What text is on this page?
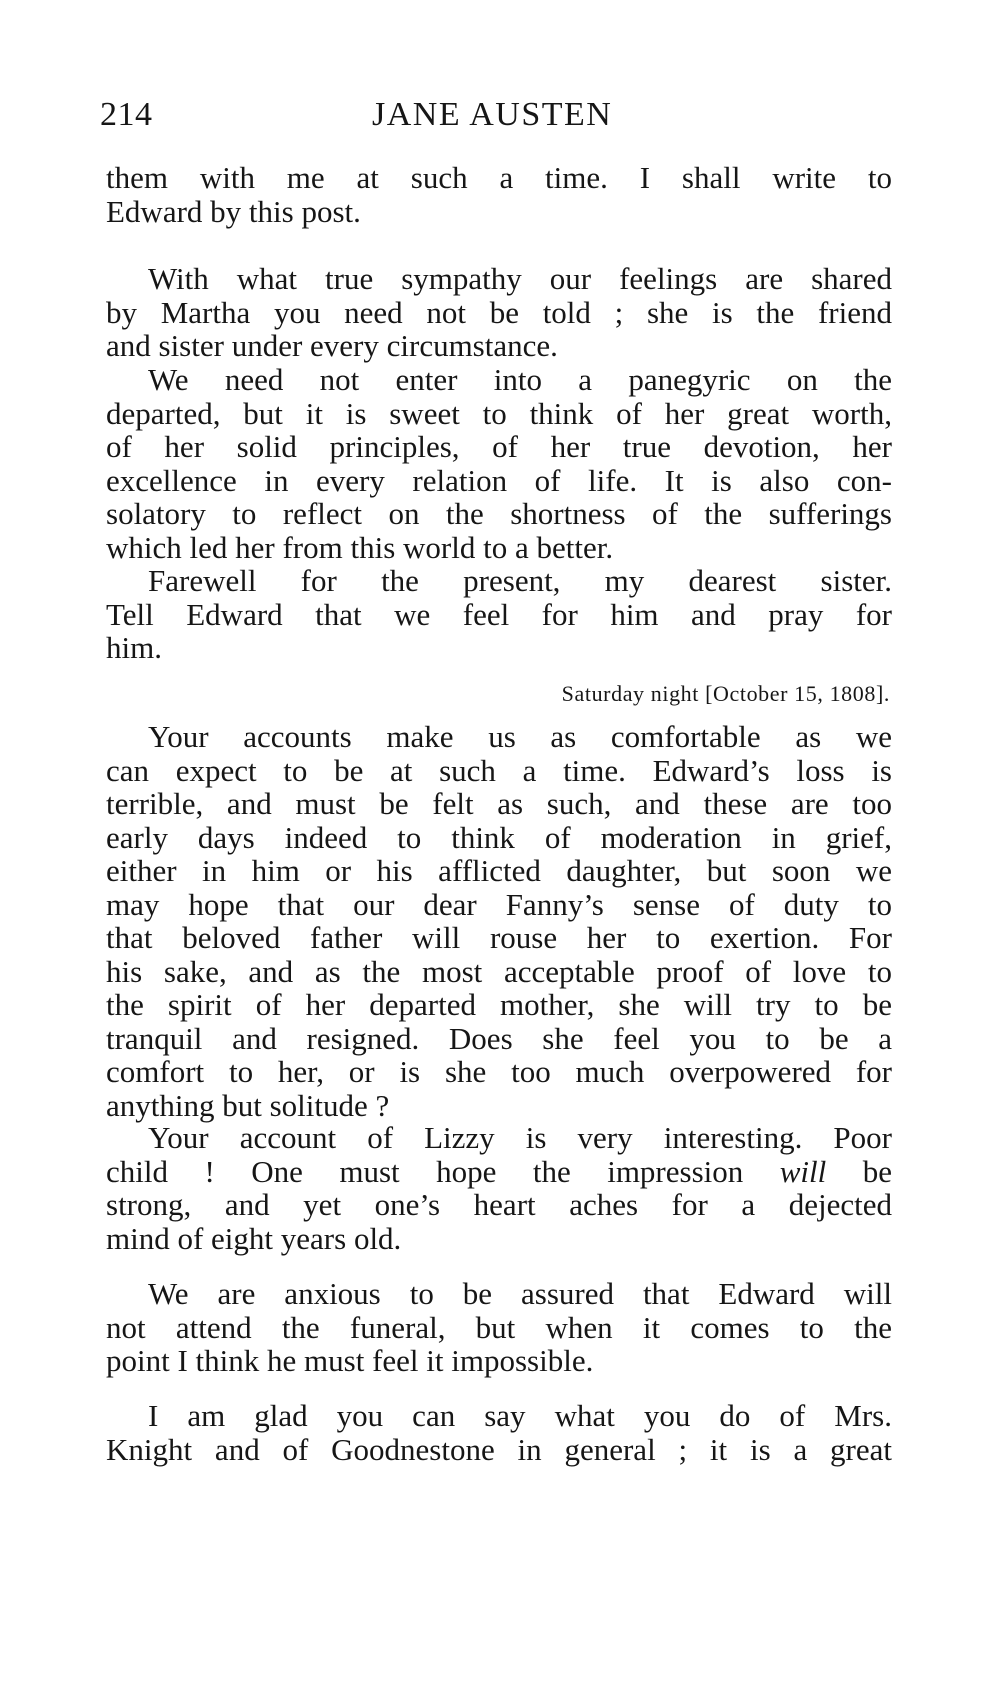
214	JANE AUSTEN
them with me at such a time. I shall write to
Edward by this post.
With what true sympathy our feelings are shared
by Martha you need not be told ; she is the friend
and sister under every circumstance.
We need not enter into a panegyric on the
departed, but it is sweet to think of her great worth,
of her solid principles, of her true devotion, her
excellence in every relation of life. It is also con-
solatory to reflect on the shortness of the sufferings
which led her from this world to a better.
Farewell for the present, my dearest sister.
Tell Edward that we feel for him and pray for
him.
Saturday night [October 15, 1808].
Your accounts make us as comfortable as we
can expect to be at such a time. Edward’s loss is
terrible, and must be felt as such, and these are too
early days indeed to think of moderation in grief,
either in him or his afflicted daughter, but soon we
may hope that our dear Fanny’s sense of duty to
that beloved father will rouse her to exertion. For
his sake, and as the most acceptable proof of love to
the spirit of her departed mother, she will try to be
tranquil and resigned. Does she feel you to be a
comfort to her, or is she too much overpowered for
anything but solitude ?
Your account of Lizzy is very interesting. Poor
child ! One must hope the impression will be
strong, and yet one’s heart aches for a dejected
mind of eight years old.
We are anxious to be assured that Edward will
not attend the funeral, but when it comes to the
point I think he must feel it impossible.
I am glad you can say what you do of Mrs.
Knight and of Goodnestone in general ; it is a great
